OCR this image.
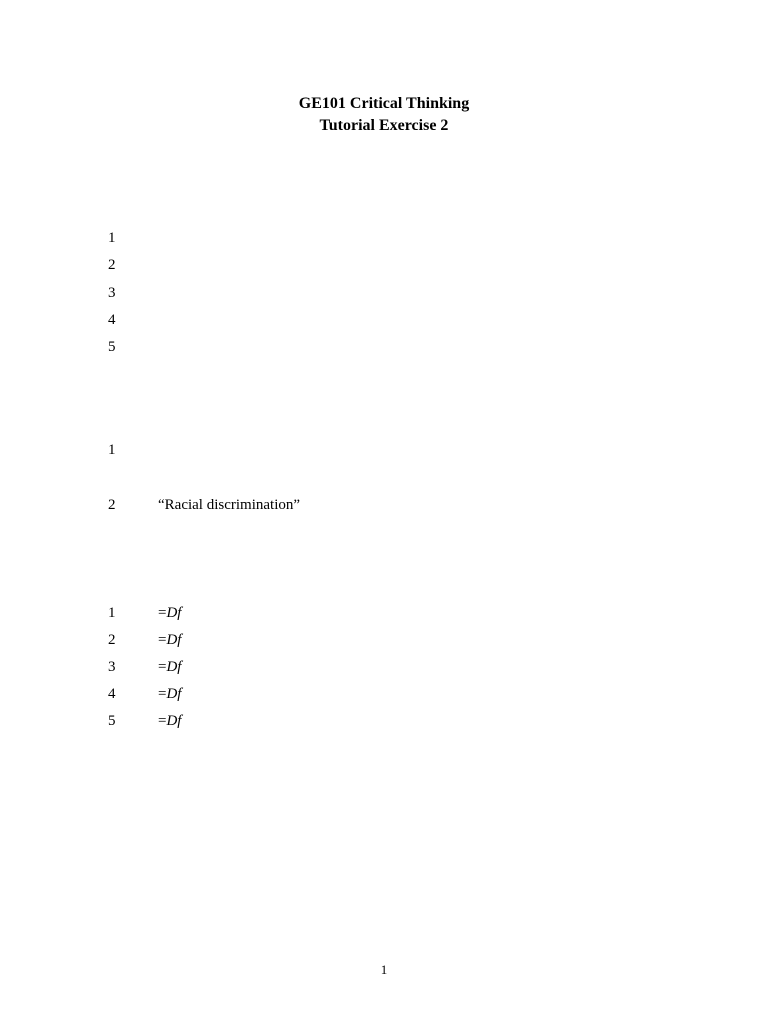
GE101 Critical Thinking
Tutorial Exercise 2
1
2
3
4
5
1
2	“Racial discrimination”
1	=Df
2	=Df
3	=Df
4	=Df
5	=Df
1
